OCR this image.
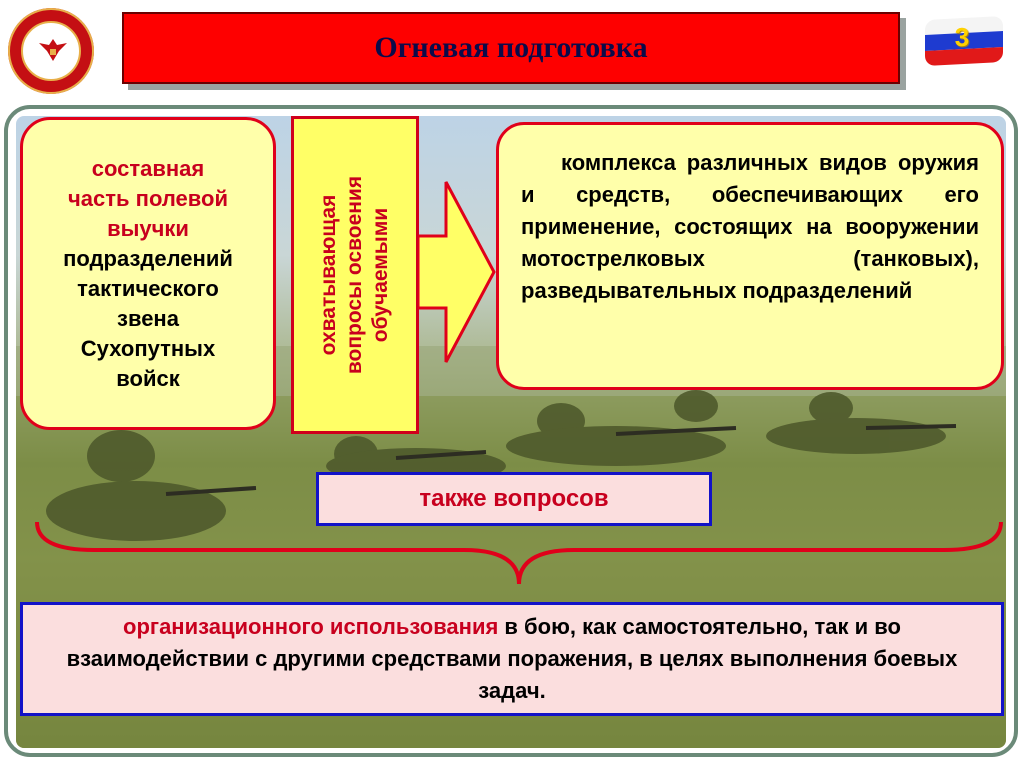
Огневая подготовка	3
составная
часть полевой
выучки
подразделений
тактического
звена
Сухопутных
войск
охватывающая вопросы освоения обучаемыми
комплекса различных видов оружия и средств, обеспечивающих его применение, состоящих на вооружении мотострелковых (танковых), разведывательных подразделений
также вопросов

организационного использования в бою, как самостоятельно, так и во взаимодействии с другими средствами поражения, в целях выполнения боевых задач.
